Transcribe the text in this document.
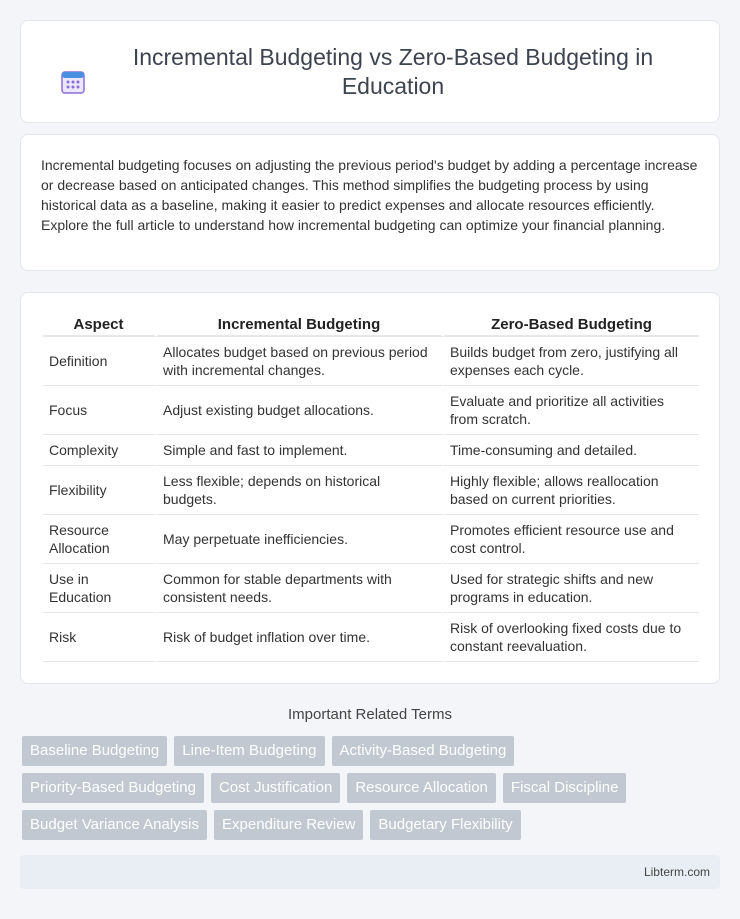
Incremental Budgeting vs Zero-Based Budgeting in Education

Incremental budgeting focuses on adjusting the previous period's budget by adding a percentage increase or decrease based on anticipated changes. This method simplifies the budgeting process by using historical data as a baseline, making it easier to predict expenses and allocate resources efficiently. Explore the full article to understand how incremental budgeting can optimize your financial planning.

Aspect	Incremental Budgeting	Zero-Based Budgeting
Definition	Allocates budget based on previous period with incremental changes.	Builds budget from zero, justifying all expenses each cycle.
Focus	Adjust existing budget allocations.	Evaluate and prioritize all activities from scratch.
Complexity	Simple and fast to implement.	Time-consuming and detailed.
Flexibility	Less flexible; depends on historical budgets.	Highly flexible; allows reallocation based on current priorities.
Resource Allocation	May perpetuate inefficiencies.	Promotes efficient resource use and cost control.
Use in Education	Common for stable departments with consistent needs.	Used for strategic shifts and new programs in education.
Risk	Risk of budget inflation over time.	Risk of overlooking fixed costs due to constant reevaluation.
Important Related Terms
Baseline Budgeting	Line-Item Budgeting	Activity-Based Budgeting
Priority-Based Budgeting	Cost Justification	Resource Allocation	Fiscal Discipline
Budget Variance Analysis	Expenditure Review	Budgetary Flexibility
Libterm.com
